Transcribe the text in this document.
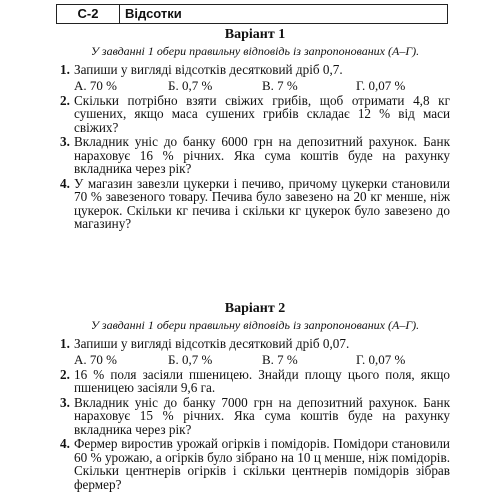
С-2	Відсотки
Варіант 1
У завданні 1 обери правильну відповідь із запропонованих (А–Г).
1. Запиши у вигляді відсотків десятковий дріб 0,7.
А. 70 %	Б. 0,7 %	В. 7 %	Г. 0,07 %
2. Скільки потрібно взяти свіжих грибів, щоб отримати 4,8 кг сушених, якщо маса сушених грибів складає 12 % від маси свіжих?
3. Вкладник уніс до банку 6000 грн на депозитний рахунок. Банк нараховує 16 % річних. Яка сума коштів буде на рахунку вкладника через рік?
4. У магазин завезли цукерки і печиво, причому цукерки становили 70 % завезеного товару. Печива було завезено на 20 кг менше, ніж цукерок. Скільки кг печива і скільки кг цукерок було завезено до магазину?
Варіант 2
У завданні 1 обери правильну відповідь із запропонованих (А–Г).
1. Запиши у вигляді відсотків десятковий дріб 0,07.
А. 70 %	Б. 0,7 %	В. 7 %	Г. 0,07 %
2. 16 % поля засіяли пшеницею. Знайди площу цього поля, якщо пшеницею засіяли 9,6 га.
3. Вкладник уніс до банку 7000 грн на депозитний рахунок. Банк нараховує 15 % річних. Яка сума коштів буде на рахунку вкладника через рік?
4. Фермер виростив урожай огірків і помідорів. Помідори становили 60 % урожаю, а огірків було зібрано на 10 ц менше, ніж помідорів. Скільки центнерів огірків і скільки центнерів помідорів зібрав фермер?
